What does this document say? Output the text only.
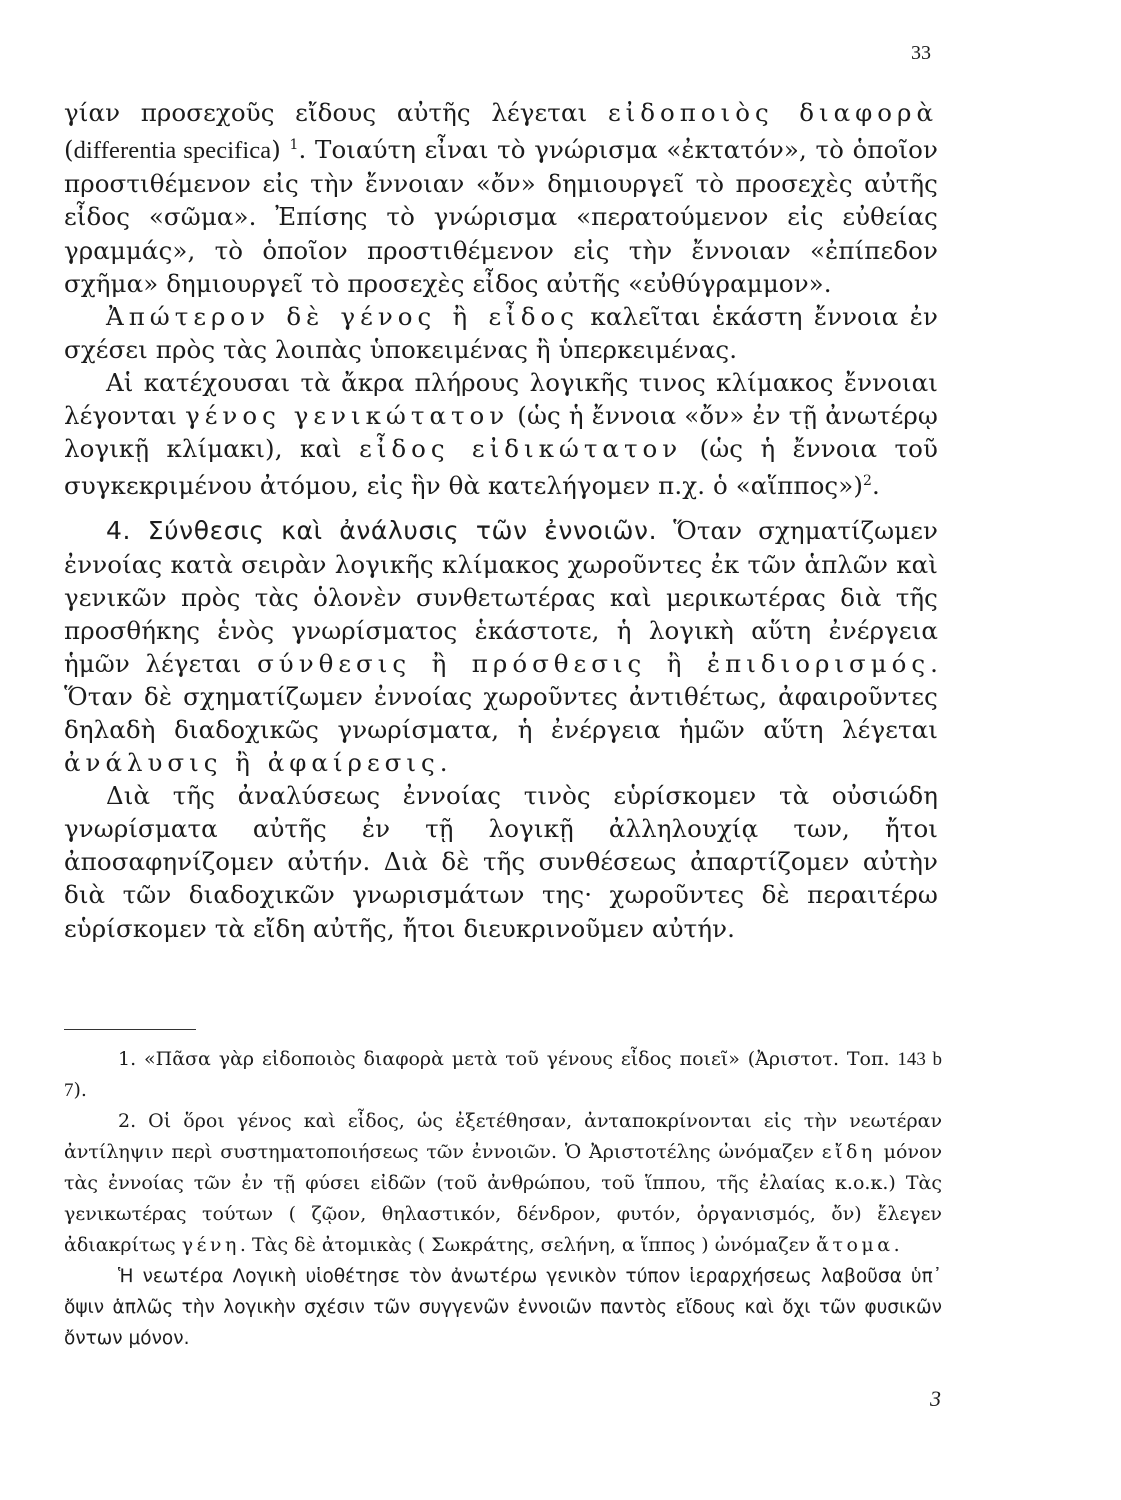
33

γίαν προσεχοῦς εἴδους αὐτῆς λέγεται εἰδοποιὸς διαφορὰ (differentia specifica) $^1$. Τοιαύτη εἶναι τὸ γνώρισμα «ἐκτατόν», τὸ ὁποῖον προστιθέμενον εἰς τὴν ἔννοιαν «ὄν» δημιουργεῖ τὸ προσεχὲς αὐτῆς εἶδος «σῶμα». Ἐπίσης τὸ γνώρισμα «περατούμενον εἰς εὐθείας γραμμάς», τὸ ὁποῖον προστιθέμενον εἰς τὴν ἔννοιαν «ἐπίπεδον σχῆμα» δημιουργεῖ τὸ προσεχὲς εἶδος αὐτῆς «εὐθύγραμμον».

Ἀπώτερον δὲ γένος ἢ εἶδος καλεῖται ἑκάστη ἔννοια ἐν σχέσει πρὸς τὰς λοιπὰς ὑποκειμένας ἢ ὑπερκειμένας.

Αἱ κατέχουσαι τὰ ἄκρα πλήρους λογικῆς τινος κλίμακος ἔννοιαι λέγονται γένος γενικώτατον (ὡς ἡ ἔννοια «ὄν» ἐν τῇ ἀνωτέρῳ λογικῇ κλίμακι), καὶ εἶδος εἰδικώτατον (ὡς ἡ ἔννοια τοῦ συγκεκριμένου ἀτόμου, εἰς ἣν θὰ κατελήγομεν π.χ. ὁ «αἵππος»)$^2$.

4. Σύνθεσις καὶ ἀνάλυσις τῶν ἐννοιῶν. Ὅταν σχηματίζωμεν ἐννοίας κατὰ σειρὰν λογικῆς κλίμακος χωροῦντες ἐκ τῶν ἁπλῶν καὶ γενικῶν πρὸς τὰς ὁλονὲν συνθετωτέρας καὶ μερικωτέρας διὰ τῆς προσθήκης ἑνὸς γνωρίσματος ἑκάστοτε, ἡ λογικὴ αὕτη ἐνέργεια ἡμῶν λέγεται σύνθεσις ἢ πρόσθεσις ἢ ἐπιδιορισμός. Ὅταν δὲ σχηματίζωμεν ἐννοίας χωροῦντες ἀντιθέτως, ἀφαιροῦντες δηλαδὴ διαδοχικῶς γνωρίσματα, ἡ ἐνέργεια ἡμῶν αὕτη λέγεται ἀνάλυσις ἢ ἀφαίρεσις.

Διὰ τῆς ἀναλύσεως ἐννοίας τινὸς εὑρίσκομεν τὰ οὐσιώδη γνωρίσματα αὐτῆς ἐν τῇ λογικῇ ἀλληλουχίᾳ των, ἤτοι ἀποσαφηνίζομεν αὐτήν. Διὰ δὲ τῆς συνθέσεως ἀπαρτίζομεν αὐτὴν διὰ τῶν διαδοχικῶν γνωρισμάτων της· χωροῦντες δὲ περαιτέρω εὑρίσκομεν τὰ εἴδη αὐτῆς, ἤτοι διευκρινοῦμεν αὐτήν.

1. «Πᾶσα γὰρ εἰδοποιὸς διαφορὰ μετὰ τοῦ γένους εἶδος ποιεῖ» (Ἀριστοτ. Τοπ. 143 b 7).

2. Οἱ ὅροι γένος καὶ εἶδος, ὡς ἐξετέθησαν, ἀνταποκρίνονται εἰς τὴν νεωτέραν ἀντίληψιν περὶ συστηματοποιήσεως τῶν ἐννοιῶν. Ὁ Ἀριστοτέλης ὠνόμαζεν εἴδη μόνον τὰς ἐννοίας τῶν ἐν τῇ φύσει εἰδῶν (τοῦ ἀνθρώπου, τοῦ ἵππου, τῆς ἐλαίας κ.ο.κ.) Τὰς γενικωτέρας τούτων ( ζῷον, θηλαστικόν, δένδρον, φυτόν, ὀργανισμός, ὄν) ἔλεγεν ἀδιακρίτως γένη. Τὰς δὲ ἀτομικὰς ( Σωκράτης, σελήνη, α ἵππος ) ὠνόμαζεν ἄτομα.

Ἡ νεωτέρα Λογικὴ υἱοθέτησε τὸν ἀνωτέρω γενικὸν τύπον ἱεραρχήσεως λαβοῦσα ὑπ᾽ ὄψιν ἁπλῶς τὴν λογικὴν σχέσιν τῶν συγγενῶν ἐννοιῶν παντὸς εἴδους καὶ ὄχι τῶν φυσικῶν ὄντων μόνον.

3
